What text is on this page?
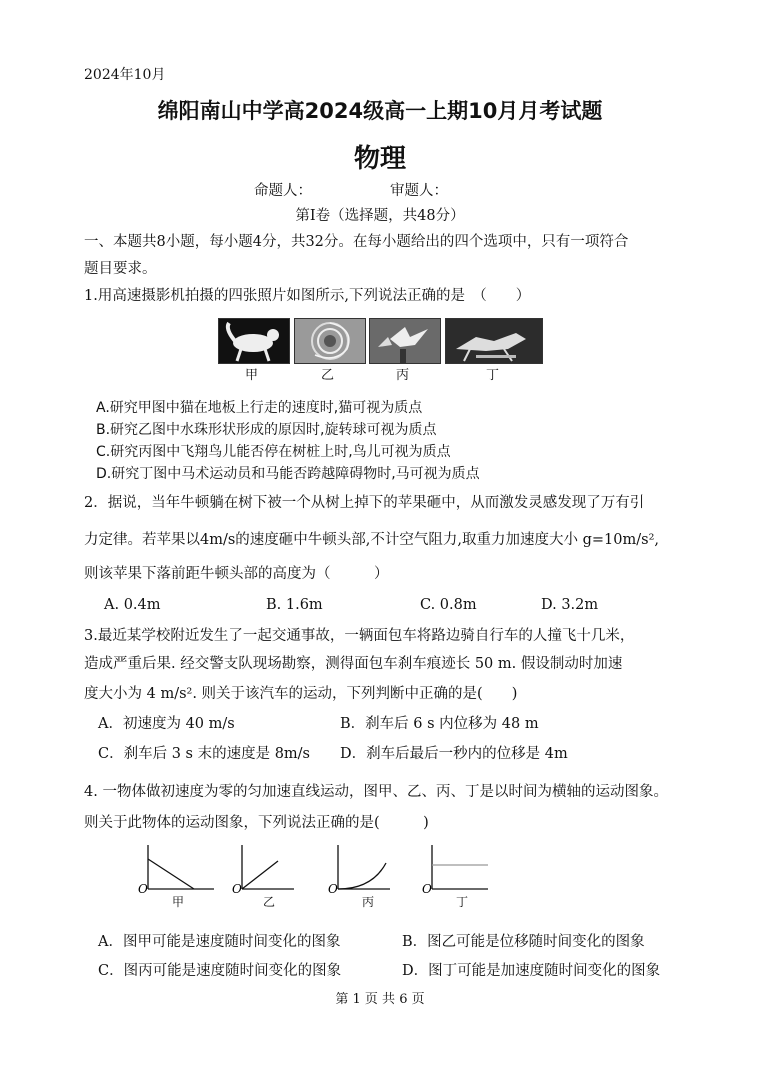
2024年10月
绵阳南山中学高2024级高一上期10月月考试题
物理
命题人：	审题人：
第Ⅰ卷（选择题，共48分）
一、本题共8小题，每小题4分，共32分。在每小题给出的四个选项中，只有一项符合
题目要求。
1.用高速摄影机拍摄的四张照片如图所示,下列说法正确的是　（　　）
甲	乙	丙	丁
A.研究甲图中猫在地板上行走的速度时,猫可视为质点
B.研究乙图中水珠形状形成的原因时,旋转球可视为质点
C.研究丙图中飞翔鸟儿能否停在树桩上时,鸟儿可视为质点
D.研究丁图中马术运动员和马能否跨越障碍物时,马可视为质点
2．据说，当年牛顿躺在树下被一个从树上掉下的苹果砸中，从而激发灵感发现了万有引
力定律。若苹果以4m/s的速度砸中牛顿头部,不计空气阻力,取重力加速度大小 g=10m/s²,
则该苹果下落前距牛顿头部的高度为（　　　）
A. 0.4m	B. 1.6m	C. 0.8m	D. 3.2m
3.最近某学校附近发生了一起交通事故，一辆面包车将路边骑自行车的人撞飞十几米，
造成严重后果. 经交警支队现场勘察，测得面包车刹车痕迹长 50 m. 假设制动时加速
度大小为 4 m/s². 则关于该汽车的运动，下列判断中正确的是(　　)
A．初速度为 40 m/s	B．刹车后 6 s 内位移为 48 m
C．刹车后 3 s 末的速度是 8m/s D．刹车后最后一秒内的位移是 4m
4. 一物体做初速度为零的匀加速直线运动，图甲、乙、丙、丁是以时间为横轴的运动图象。
则关于此物体的运动图象，下列说法正确的是(　　　)
O	O	O	O
甲	乙	丙	丁
A．图甲可能是速度随时间变化的图象	B．图乙可能是位移随时间变化的图象
C．图丙可能是速度随时间变化的图象	D．图丁可能是加速度随时间变化的图象
第 1 页 共 6 页
